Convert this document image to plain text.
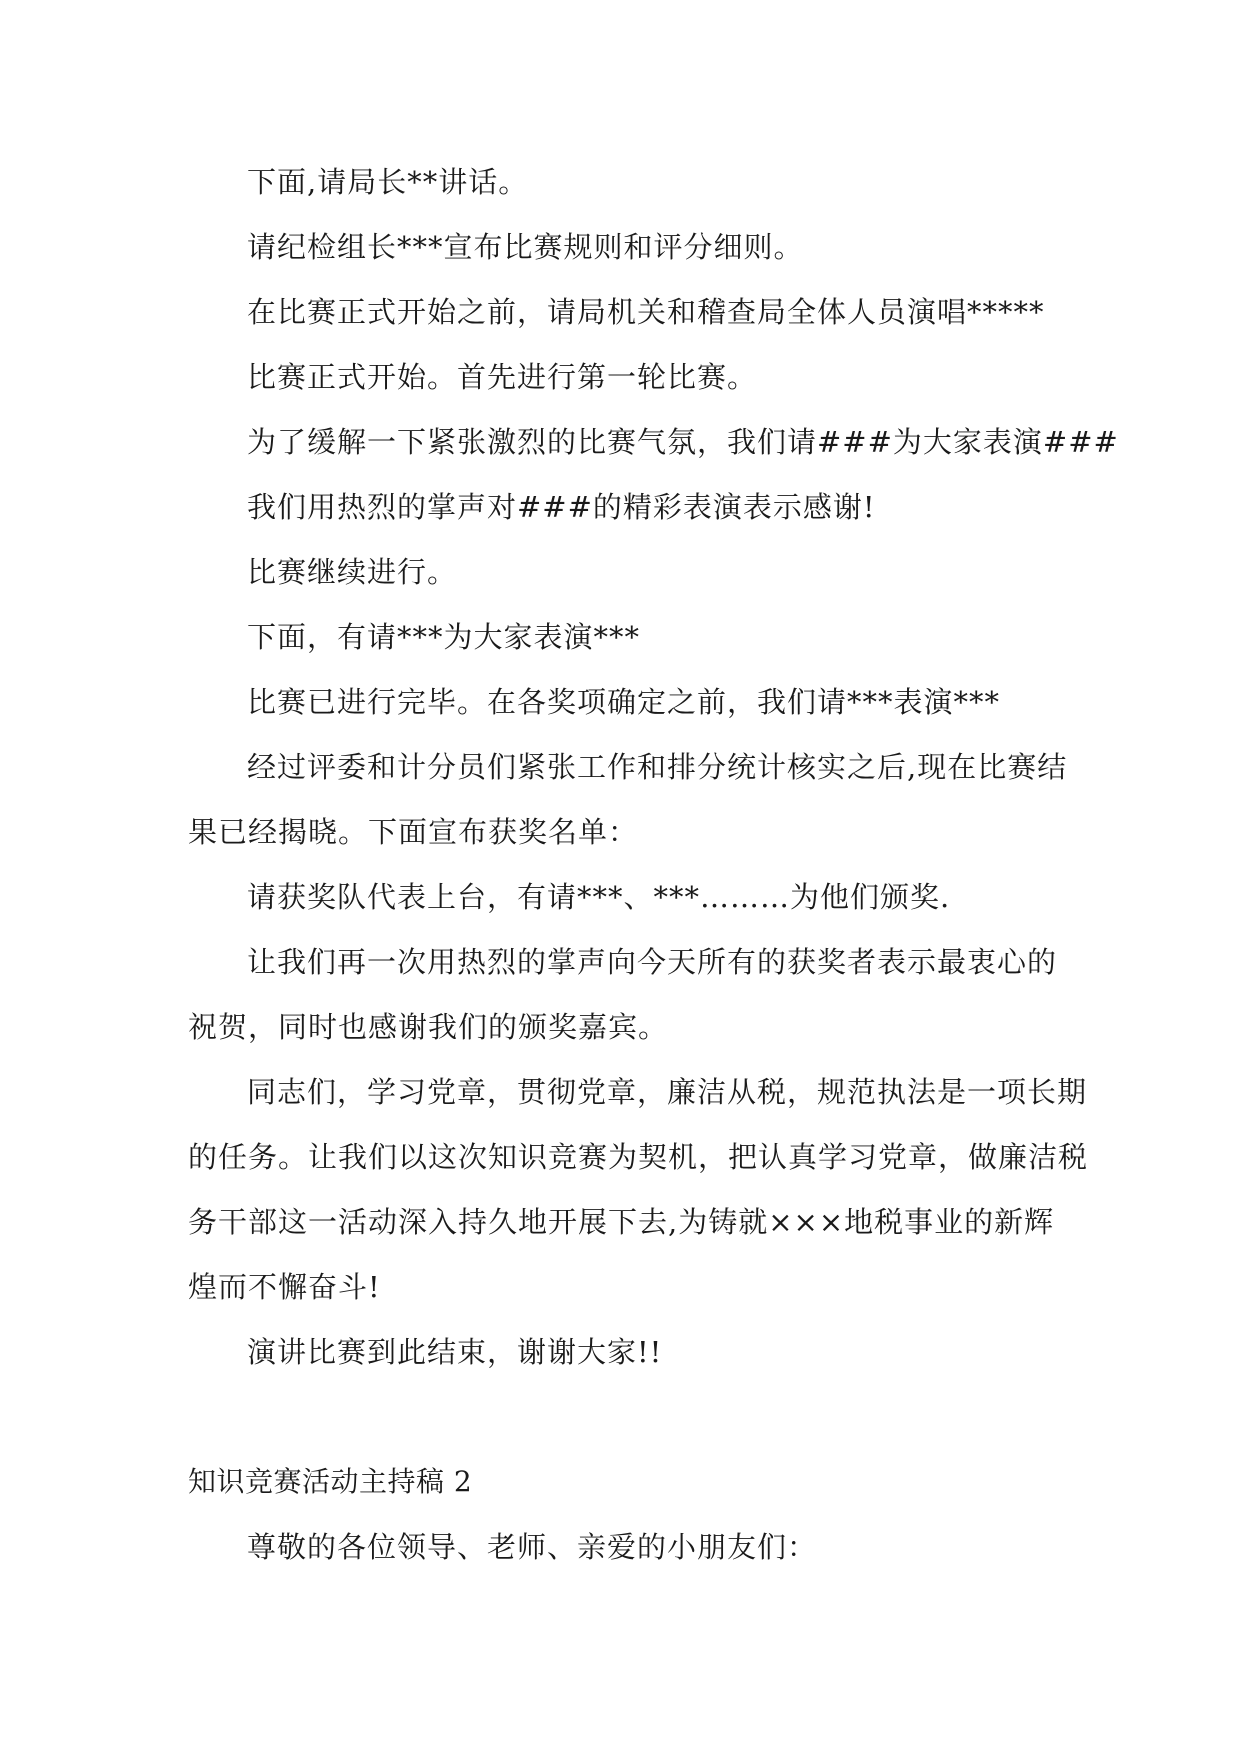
下面,请局长**讲话。
请纪检组长***宣布比赛规则和评分细则。
在比赛正式开始之前，请局机关和稽查局全体人员演唱*****
比赛正式开始。首先进行第一轮比赛。
为了缓解一下紧张激烈的比赛气氛，我们请###为大家表演###
我们用热烈的掌声对###的精彩表演表示感谢!
比赛继续进行。
下面，有请***为大家表演***
比赛已进行完毕。在各奖项确定之前，我们请***表演***
经过评委和计分员们紧张工作和排分统计核实之后,现在比赛结
果已经揭晓。下面宣布获奖名单：
请获奖队代表上台，有请***、***………为他们颁奖.
让我们再一次用热烈的掌声向今天所有的获奖者表示最衷心的
祝贺，同时也感谢我们的颁奖嘉宾。
同志们，学习党章，贯彻党章，廉洁从税，规范执法是一项长期
的任务。让我们以这次知识竞赛为契机，把认真学习党章，做廉洁税
务干部这一活动深入持久地开展下去,为铸就×××地税事业的新辉
煌而不懈奋斗!
演讲比赛到此结束，谢谢大家!!
知识竞赛活动主持稿 2
尊敬的各位领导、老师、亲爱的小朋友们：
